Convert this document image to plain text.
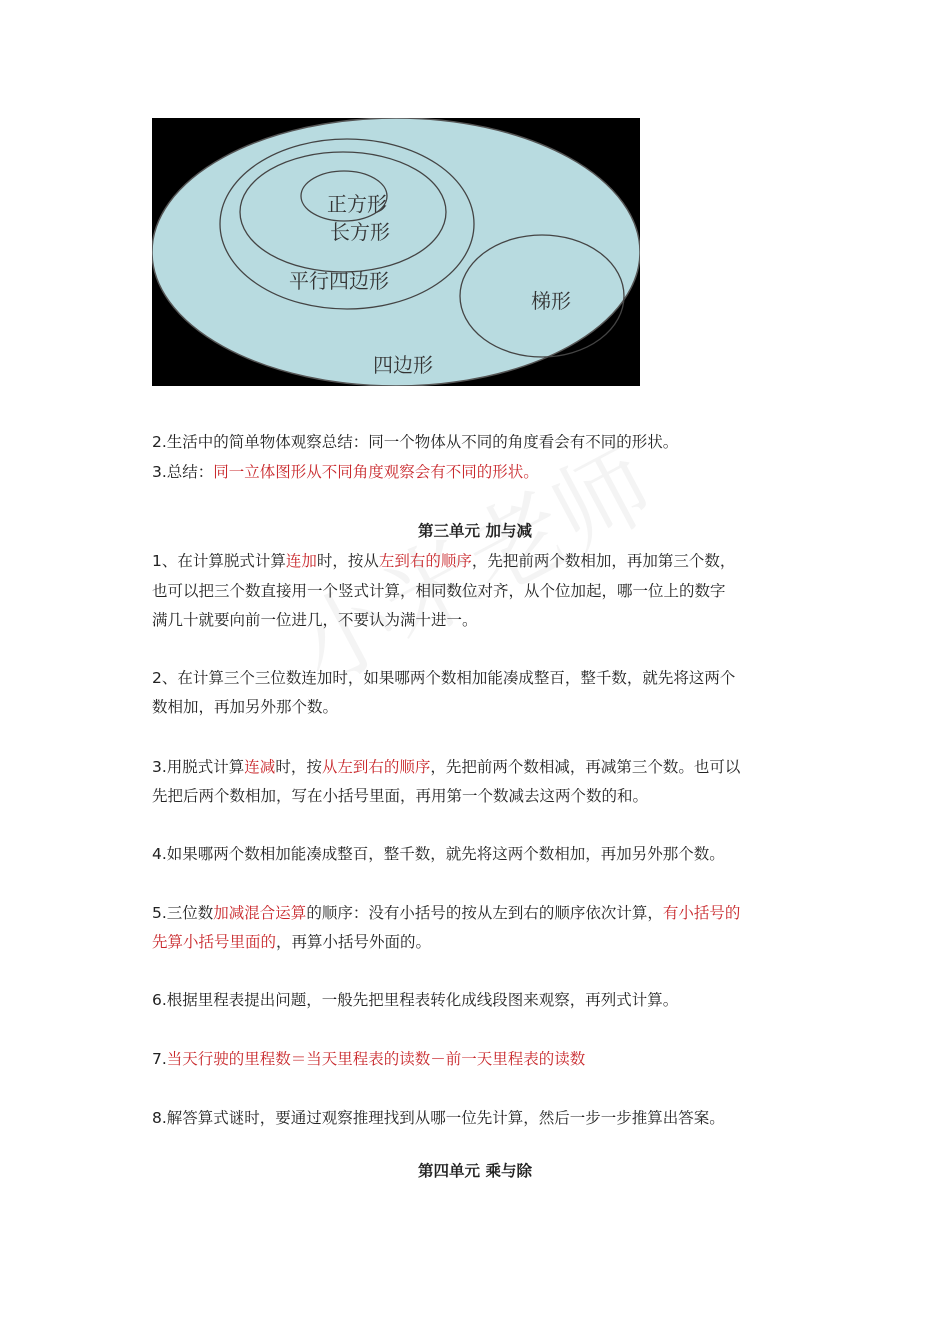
正方形
长方形
平行四边形
梯形
四边形
2.生活中的简单物体观察总结：同一个物体从不同的角度看会有不同的形状。
3.总结：同一立体图形从不同角度观察会有不同的形状。
第三单元 加与减
1、在计算脱式计算连加时，按从左到右的顺序，先把前两个数相加，再加第三个数，
也可以把三个数直接用一个竖式计算，相同数位对齐，从个位加起，哪一位上的数字
满几十就要向前一位进几，不要认为满十进一。
2、在计算三个三位数连加时，如果哪两个数相加能凑成整百，整千数，就先将这两个
数相加，再加另外那个数。
3.用脱式计算连减时，按从左到右的顺序，先把前两个数相减，再减第三个数。也可以
先把后两个数相加，写在小括号里面，再用第一个数减去这两个数的和。
4.如果哪两个数相加能凑成整百，整千数，就先将这两个数相加，再加另外那个数。
5.三位数加减混合运算的顺序：没有小括号的按从左到右的顺序依次计算，有小括号的
先算小括号里面的，再算小括号外面的。
6.根据里程表提出问题，一般先把里程表转化成线段图来观察，再列式计算。
7.当天行驶的里程数＝当天里程表的读数－前一天里程表的读数
8.解答算式谜时，要通过观察推理找到从哪一位先计算，然后一步一步推算出答案。
第四单元 乘与除
